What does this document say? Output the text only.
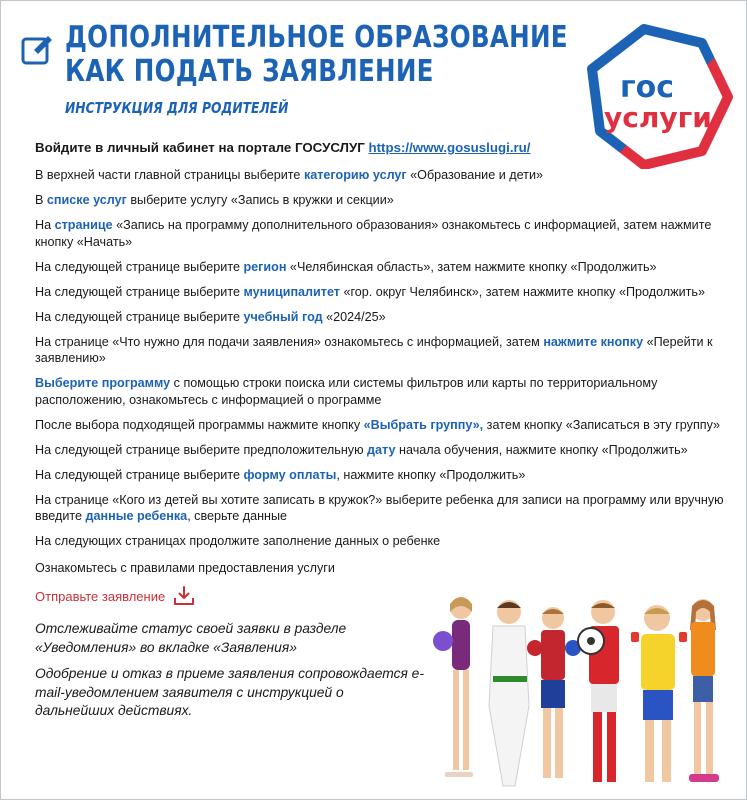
ДОПОЛНИТЕЛЬНОЕ ОБРАЗОВАНИЕ
КАК ПОДАТЬ ЗАЯВЛЕНИЕ

ИНСТРУКЦИЯ ДЛЯ РОДИТЕЛЕЙ

гос
услуги

Войдите в личный кабинет на портале ГОСУСЛУГ https://www.gosuslugi.ru/

В верхней части главной страницы выберите категорию услуг «Образование и дети»

В списке услуг выберите услугу «Запись в кружки и секции»

На странице «Запись на программу дополнительного образования» ознакомьтесь с информацией, затем нажмите кнопку «Начать»

На следующей странице выберите регион «Челябинская область», затем нажмите кнопку «Продолжить»

На следующей странице выберите муниципалитет «гор. округ Челябинск», затем нажмите кнопку «Продолжить»

На следующей странице выберите учебный год «2024/25»

На странице «Что нужно для подачи заявления» ознакомьтесь с информацией, затем нажмите кнопку «Перейти к заявлению»

Выберите программу с помощью строки поиска или системы фильтров или карты по территориальному расположению, ознакомьтесь с информацией о программе

После выбора подходящей программы нажмите кнопку «Выбрать группу», затем кнопку «Записаться в эту группу»

На следующей странице выберите предположительную дату начала обучения, нажмите кнопку «Продолжить»

На следующей странице выберите форму оплаты, нажмите кнопку «Продолжить»

На странице «Кого из детей вы хотите записать в кружок?» выберите ребенка для записи на программу или вручную введите данные ребенка, сверьте данные

На следующих страницах продолжите заполнение данных о ребенке

Ознакомьтесь с правилами предоставления услуги

Отправьте заявление

Отслеживайте статус своей заявки в разделе «Уведомления» во вкладке «Заявления»

Одобрение и отказ в приеме заявления сопровождается e-mail-уведомлением заявителя с инструкцией о дальнейших действиях.
